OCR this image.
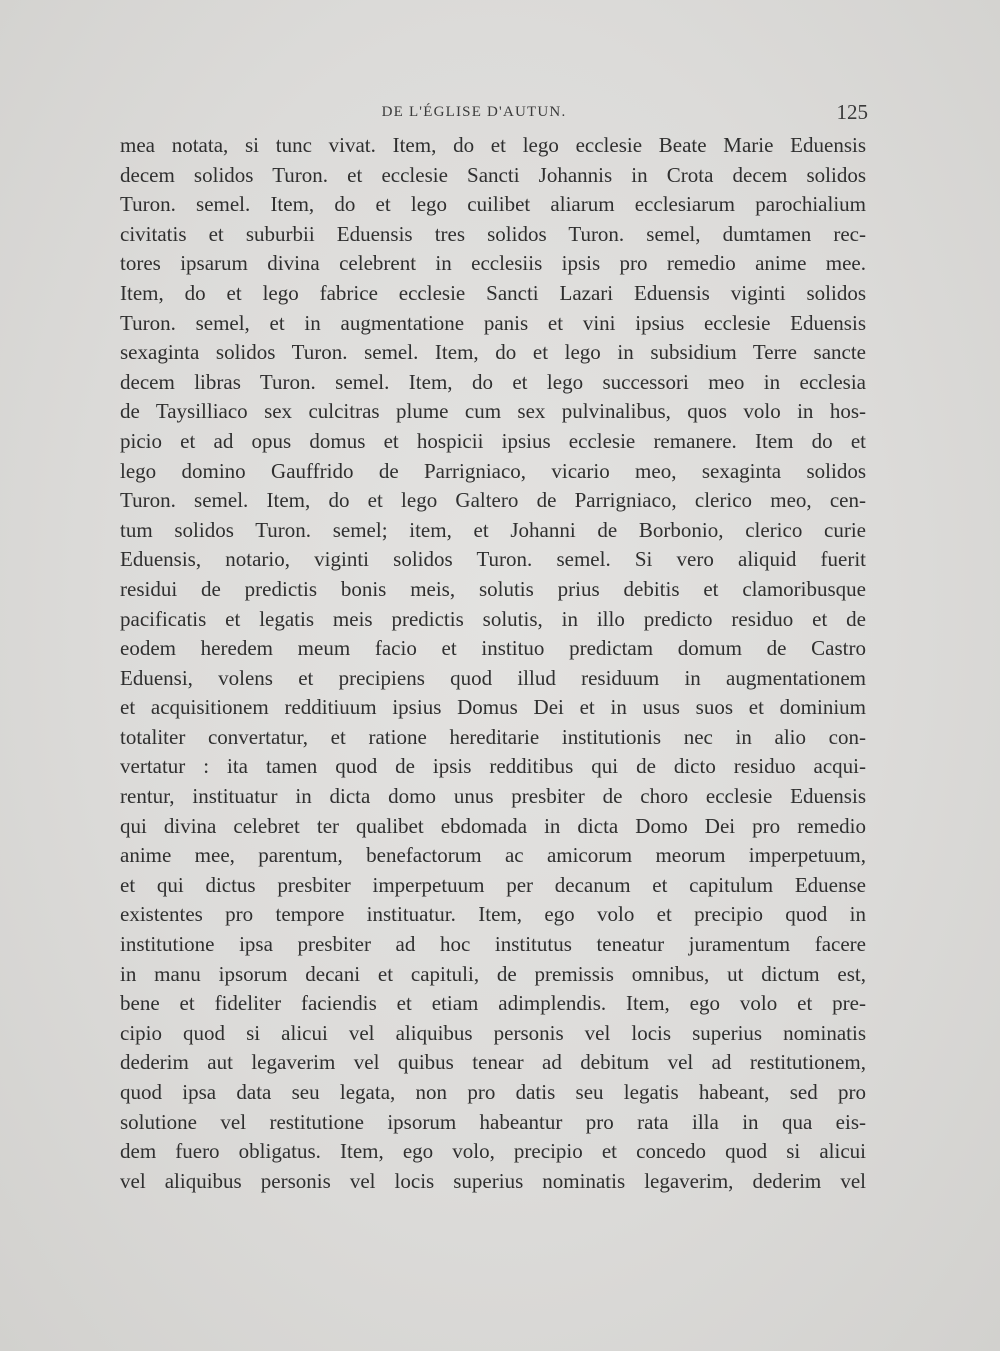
DE L'ÉGLISE D'AUTUN.	125
mea notata, si tunc vivat. Item, do et lego ecclesie Beate Marie Eduensis
decem solidos Turon. et ecclesie Sancti Johannis in Crota decem solidos
Turon. semel. Item, do et lego cuilibet aliarum ecclesiarum parochialium
civitatis et suburbii Eduensis tres solidos Turon. semel, dumtamen rec-
tores ipsarum divina celebrent in ecclesiis ipsis pro remedio anime mee.
Item, do et lego fabrice ecclesie Sancti Lazari Eduensis viginti solidos
Turon. semel, et in augmentatione panis et vini ipsius ecclesie Eduensis
sexaginta solidos Turon. semel. Item, do et lego in subsidium Terre sancte
decem libras Turon. semel. Item, do et lego successori meo in ecclesia
de Taysilliaco sex culcitras plume cum sex pulvinalibus, quos volo in hos-
picio et ad opus domus et hospicii ipsius ecclesie remanere. Item do et
lego domino Gauffrido de Parrigniaco, vicario meo, sexaginta solidos
Turon. semel. Item, do et lego Galtero de Parrigniaco, clerico meo, cen-
tum solidos Turon. semel; item, et Johanni de Borbonio, clerico curie
Eduensis, notario, viginti solidos Turon. semel. Si vero aliquid fuerit
residui de predictis bonis meis, solutis prius debitis et clamoribusque
pacificatis et legatis meis predictis solutis, in illo predicto residuo et de
eodem heredem meum facio et instituo predictam domum de Castro
Eduensi, volens et precipiens quod illud residuum in augmentationem
et acquisitionem redditiuum ipsius Domus Dei et in usus suos et dominium
totaliter convertatur, et ratione hereditarie institutionis nec in alio con-
vertatur : ita tamen quod de ipsis redditibus qui de dicto residuo acqui-
rentur, instituatur in dicta domo unus presbiter de choro ecclesie Eduensis
qui divina celebret ter qualibet ebdomada in dicta Domo Dei pro remedio
anime mee, parentum, benefactorum ac amicorum meorum imperpetuum,
et qui dictus presbiter imperpetuum per decanum et capitulum Eduense
existentes pro tempore instituatur. Item, ego volo et precipio quod in
institutione ipsa presbiter ad hoc institutus teneatur juramentum facere
in manu ipsorum decani et capituli, de premissis omnibus, ut dictum est,
bene et fideliter faciendis et etiam adimplendis. Item, ego volo et pre-
cipio quod si alicui vel aliquibus personis vel locis superius nominatis
dederim aut legaverim vel quibus tenear ad debitum vel ad restitutionem,
quod ipsa data seu legata, non pro datis seu legatis habeant, sed pro
solutione vel restitutione ipsorum habeantur pro rata illa in qua eis-
dem fuero obligatus. Item, ego volo, precipio et concedo quod si alicui
vel aliquibus personis vel locis superius nominatis legaverim, dederim vel
